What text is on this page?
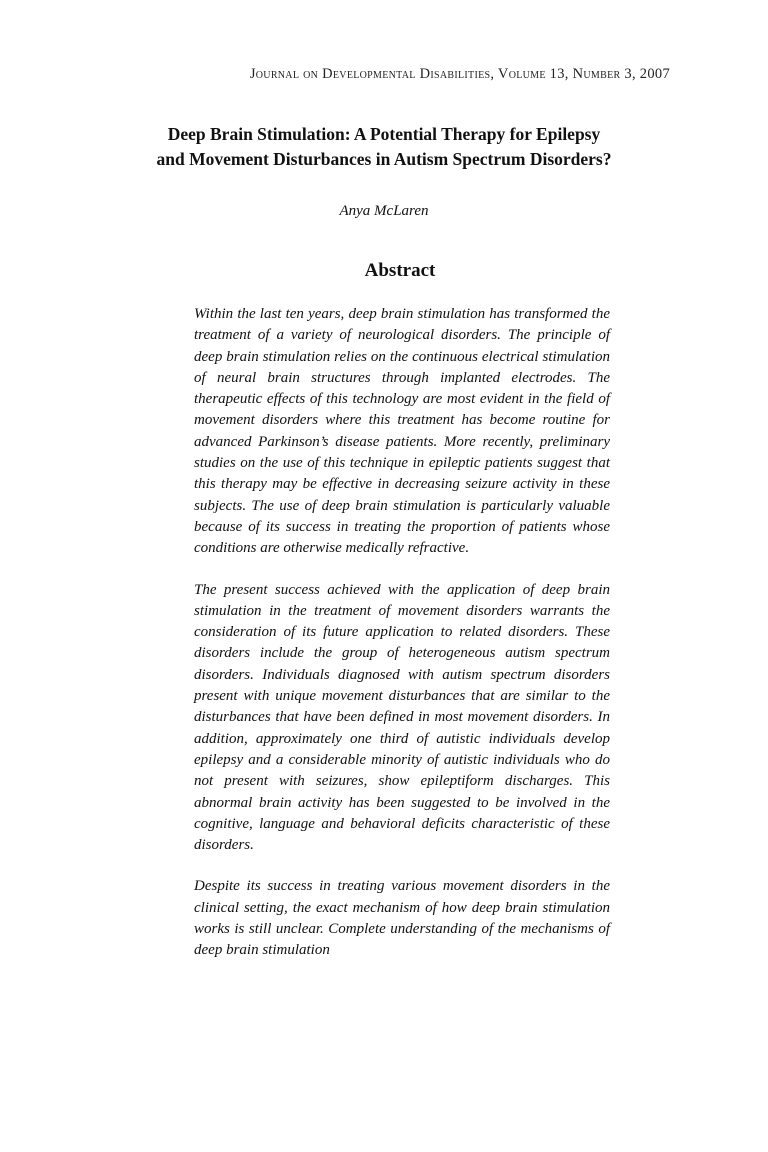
Journal on Developmental Disabilities, Volume 13, Number 3, 2007
Deep Brain Stimulation: A Potential Therapy for Epilepsy
and Movement Disturbances in Autism Spectrum Disorders?
Anya McLaren
Abstract

Within the last ten years, deep brain stimulation has transformed the treatment of a variety of neurological disorders. The principle of deep brain stimulation relies on the continuous electrical stimulation of neural brain structures through implanted electrodes. The therapeutic effects of this technology are most evident in the field of movement disorders where this treatment has become routine for advanced Parkinson’s disease patients. More recently, preliminary studies on the use of this technique in epileptic patients suggest that this therapy may be effective in decreasing seizure activity in these subjects. The use of deep brain stimulation is particularly valuable because of its success in treating the proportion of patients whose conditions are otherwise medically refractive.

The present success achieved with the application of deep brain stimulation in the treatment of movement disorders warrants the consideration of its future application to related disorders. These disorders include the group of heterogeneous autism spectrum disorders. Individuals diagnosed with autism spectrum disorders present with unique movement disturbances that are similar to the disturbances that have been defined in most movement disorders. In addition, approximately one third of autistic individuals develop epilepsy and a considerable minority of autistic individuals who do not present with seizures, show epileptiform discharges. This abnormal brain activity has been suggested to be involved in the cognitive, language and behavioral deficits characteristic of these disorders.

Despite its success in treating various movement disorders in the clinical setting, the exact mechanism of how deep brain stimulation works is still unclear. Complete understanding of the mechanisms of deep brain stimulation
